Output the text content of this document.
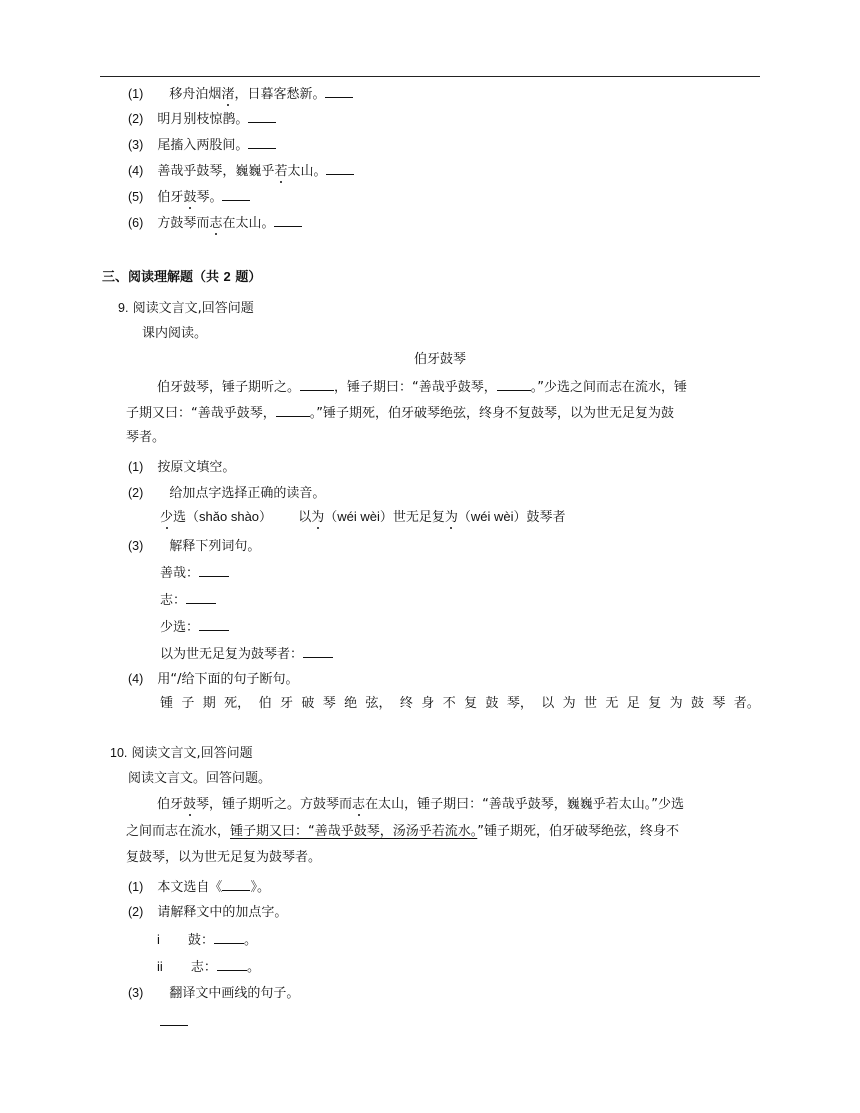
(1) 移舟泊烟渚，日暮客愁新。
(2) 明月别枝惊鹊。
(3) 尾搐入两股间。
(4) 善哉乎鼓琴，巍巍乎若太山。
(5) 伯牙鼓琴。
(6) 方鼓琴而志在太山。
三、阅读理解题（共 2 题）
9. 阅读文言文,回答问题
课内阅读。
伯牙鼓琴
伯牙鼓琴，锤子期听之。	，锤子期曰：“善哉乎鼓琴，	。”少选之间而志在流水，锤
子期又曰：“善哉乎鼓琴，	。”锤子期死，伯牙破琴绝弦，终身不复鼓琴，以为世无足复为鼓
琴者。
(1) 按原文填空。
(2) 给加点字选择正确的读音。
少选（shǎo shào） 以为（wéi wèi）世无足复为（wéi wèi）鼓琴者
(3) 解释下列词句。
善哉：
志：
少选：
以为世无足复为鼓琴者：
(4) 用“/给下面的句子断句。
锺 子 期 死， 伯 牙 破 琴 绝 弦， 终 身 不 复 鼓 琴， 以 为 世 无 足 复 为 鼓 琴 者。
10. 阅读文言文,回答问题
阅读文言文。回答问题。
伯牙鼓琴，锺子期听之。方鼓琴而志在太山，锺子期曰：“善哉乎鼓琴，巍巍乎若太山。”少选
之间而志在流水，锺子期又曰：“善哉乎鼓琴，汤汤乎若流水。”锺子期死，伯牙破琴绝弦，终身不
复鼓琴，以为世无足复为鼓琴者。
(1) 本文选自《 》。
(2) 请解释文中的加点字。
i 鼓： 。
ii 志： 。
(3) 翻译文中画线的句子。
